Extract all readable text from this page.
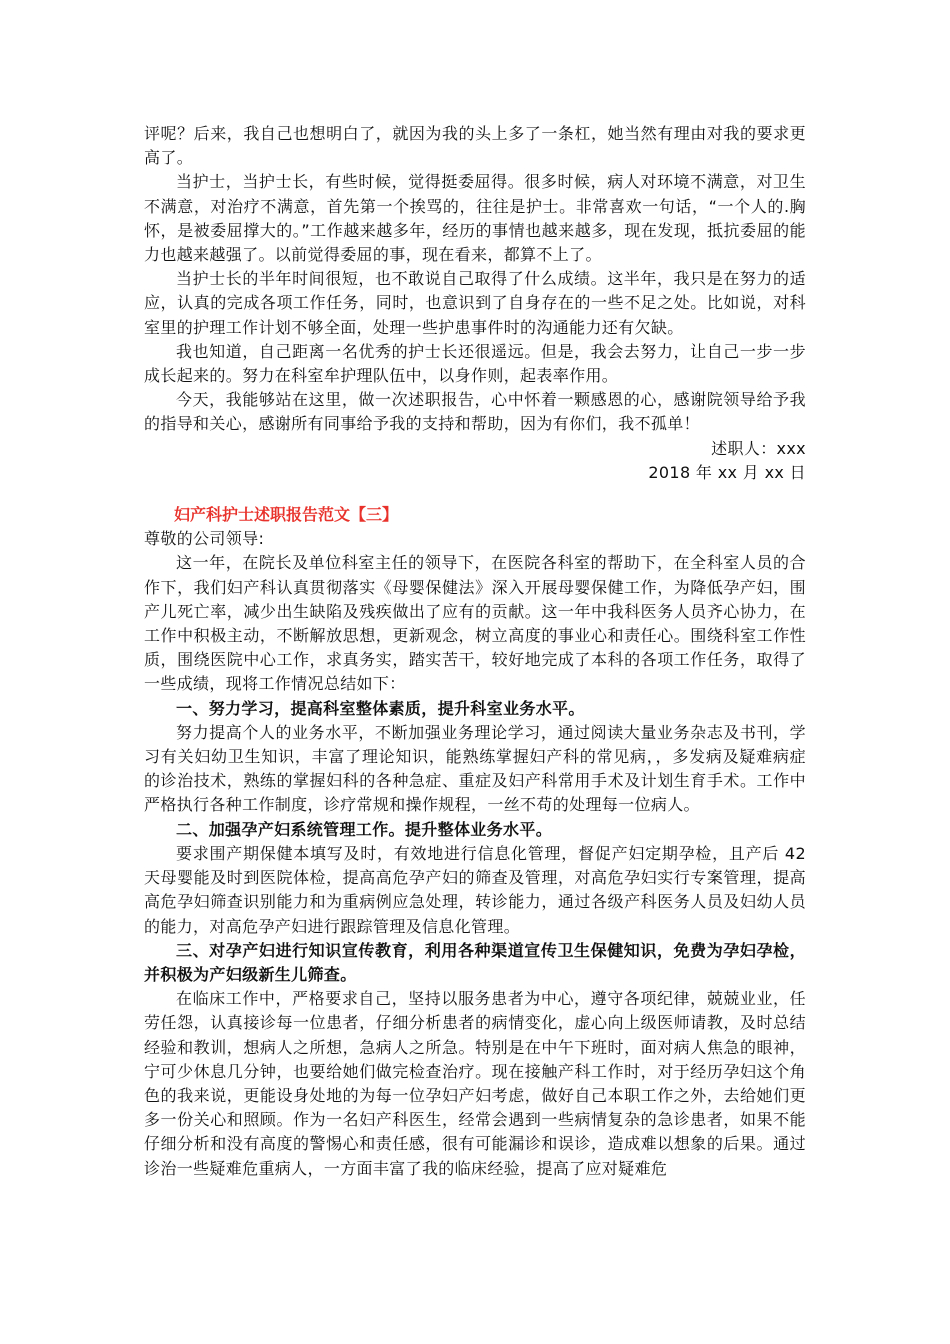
评呢？后来，我自己也想明白了，就因为我的头上多了一条杠，她当然有理由对我的要求更高了。

当护士，当护士长，有些时候，觉得挺委屈得。很多时候，病人对环境不满意，对卫生不满意，对治疗不满意，首先第一个挨骂的，往往是护士。非常喜欢一句话，“一个人的.胸怀，是被委屈撑大的。”工作越来越多年，经历的事情也越来越多，现在发现，抵抗委屈的能力也越来越强了。以前觉得委屈的事，现在看来，都算不上了。

当护士长的半年时间很短，也不敢说自己取得了什么成绩。这半年，我只是在努力的适应，认真的完成各项工作任务，同时，也意识到了自身存在的一些不足之处。比如说，对科室里的护理工作计划不够全面，处理一些护患事件时的沟通能力还有欠缺。

我也知道，自己距离一名优秀的护士长还很遥远。但是，我会去努力，让自己一步一步成长起来的。努力在科室牟护理队伍中，以身作则，起表率作用。

今天，我能够站在这里，做一次述职报告，心中怀着一颗感恩的心，感谢院领导给予我的指导和关心，感谢所有同事给予我的支持和帮助，因为有你们，我不孤单！

述职人：xxx

2018 年 xx 月 xx 日

妇产科护士述职报告范文【三】

尊敬的公司领导:

这一年，在院长及单位科室主任的领导下，在医院各科室的帮助下，在全科室人员的合作下，我们妇产科认真贯彻落实《母婴保健法》深入开展母婴保健工作，为降低孕产妇，围产儿死亡率，减少出生缺陷及残疾做出了应有的贡献。这一年中我科医务人员齐心协力，在工作中积极主动，不断解放思想，更新观念，树立高度的事业心和责任心。围绕科室工作性质，围绕医院中心工作，求真务实，踏实苦干，较好地完成了本科的各项工作任务，取得了一些成绩，现将工作情况总结如下：

一、努力学习，提高科室整体素质，提升科室业务水平。

努力提高个人的业务水平，不断加强业务理论学习，通过阅读大量业务杂志及书刊，学习有关妇幼卫生知识，丰富了理论知识，能熟练掌握妇产科的常见病，，多发病及疑难病症的诊治技术，熟练的掌握妇科的各种急症、重症及妇产科常用手术及计划生育手术。工作中严格执行各种工作制度，诊疗常规和操作规程，一丝不苟的处理每一位病人。

二、加强孕产妇系统管理工作。提升整体业务水平。

要求围产期保健本填写及时，有效地进行信息化管理，督促产妇定期孕检，且产后 42 天母婴能及时到医院体检，提高高危孕产妇的筛查及管理，对高危孕妇实行专案管理，提高高危孕妇筛查识别能力和为重病例应急处理，转诊能力，通过各级产科医务人员及妇幼人员的能力，对高危孕产妇进行跟踪管理及信息化管理。

三、对孕产妇进行知识宣传教育，利用各种渠道宣传卫生保健知识，免费为孕妇孕检，并积极为产妇级新生儿筛查。

在临床工作中，严格要求自己，坚持以服务患者为中心，遵守各项纪律，兢兢业业，任劳任怨，认真接诊每一位患者，仔细分析患者的病情变化，虚心向上级医师请教，及时总结经验和教训，想病人之所想，急病人之所急。特别是在中午下班时，面对病人焦急的眼神，宁可少休息几分钟，也要给她们做完检查治疗。现在接触产科工作时，对于经历孕妇这个角色的我来说，更能设身处地的为每一位孕妇产妇考虑，做好自己本职工作之外，去给她们更多一份关心和照顾。作为一名妇产科医生，经常会遇到一些病情复杂的急诊患者，如果不能仔细分析和没有高度的警惕心和责任感，很有可能漏诊和误诊，造成难以想象的后果。通过诊治一些疑难危重病人，一方面丰富了我的临床经验，提高了应对疑难危
